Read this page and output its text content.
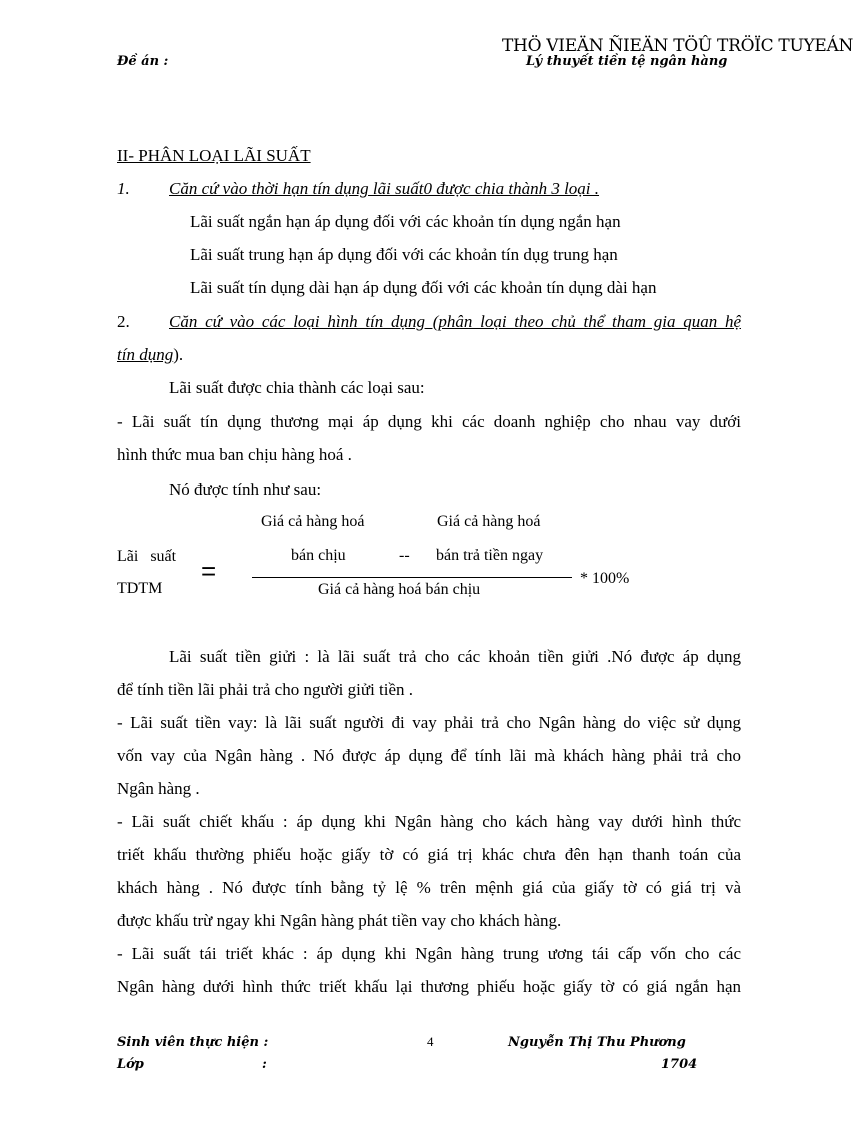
THÖ VIEÄN ÑIEÄN TÖÛ TRÖÏC TUYEÁN
Đề án :	Lý thuyết tiền tệ ngân hàng
II- PHÂN LOẠI LÃI SUẤT
1. Căn cứ vào thời hạn tín dụng lãi suất0 được chia thành 3 loại .
Lãi suất ngắn hạn áp dụng đối với các khoản tín dụng ngắn hạn
Lãi suất trung hạn áp dụng đối với các khoản tín dụg trung hạn
Lãi suất tín dụng dài hạn áp dụng đối với các khoản tín dụng dài hạn
2. Căn cứ vào các loại hình tín dụng (phân loại theo chủ thể tham gia quan hệ
tín dụng).
Lãi suất được chia thành các loại sau:
- Lãi suất tín dụng thương mại áp dụng khi các doanh nghiệp cho nhau vay dưới
hình thức mua ban chịu hàng hoá .
Nó được tính như sau:
Lãi   suất
TDTM
=
Giá cả hàng hoá	Giá cả hàng hoá
bán chịu	-- bán trả tiền ngay
Giá cả hàng hoá bán chịu
* 100%
Lãi suất tiền giửi : là lãi suất trả cho các khoản tiền giửi .Nó được áp dụng
để tính tiền lãi phải trả cho người giửi tiền .
- Lãi suất tiền vay: là lãi suất người đi vay phải trả cho Ngân hàng do việc sử dụng
vốn vay của Ngân hàng . Nó được áp dụng để tính lãi mà khách hàng phải trả cho
Ngân hàng .
- Lãi suất chiết khấu : áp dụng khi Ngân hàng cho kách hàng vay dưới hình thức
triết khấu thường phiếu hoặc giấy tờ có giá trị khác chưa đên hạn thanh toán của
khách hàng . Nó được tính bằng tỷ lệ % trên mệnh giá của giấy tờ có giá trị và
được khấu trừ ngay khi Ngân hàng phát tiền vay cho khách hàng.
- Lãi suất tái triết khác : áp dụng khi Ngân hàng trung ương tái cấp vốn cho các
Ngân hàng dưới hình thức triết khấu lại thương phiếu hoặc giấy tờ có giá ngắn hạn
Sinh viên thực hiện :
Lớp	:
4	Nguyễn Thị Thu Phương
1704
